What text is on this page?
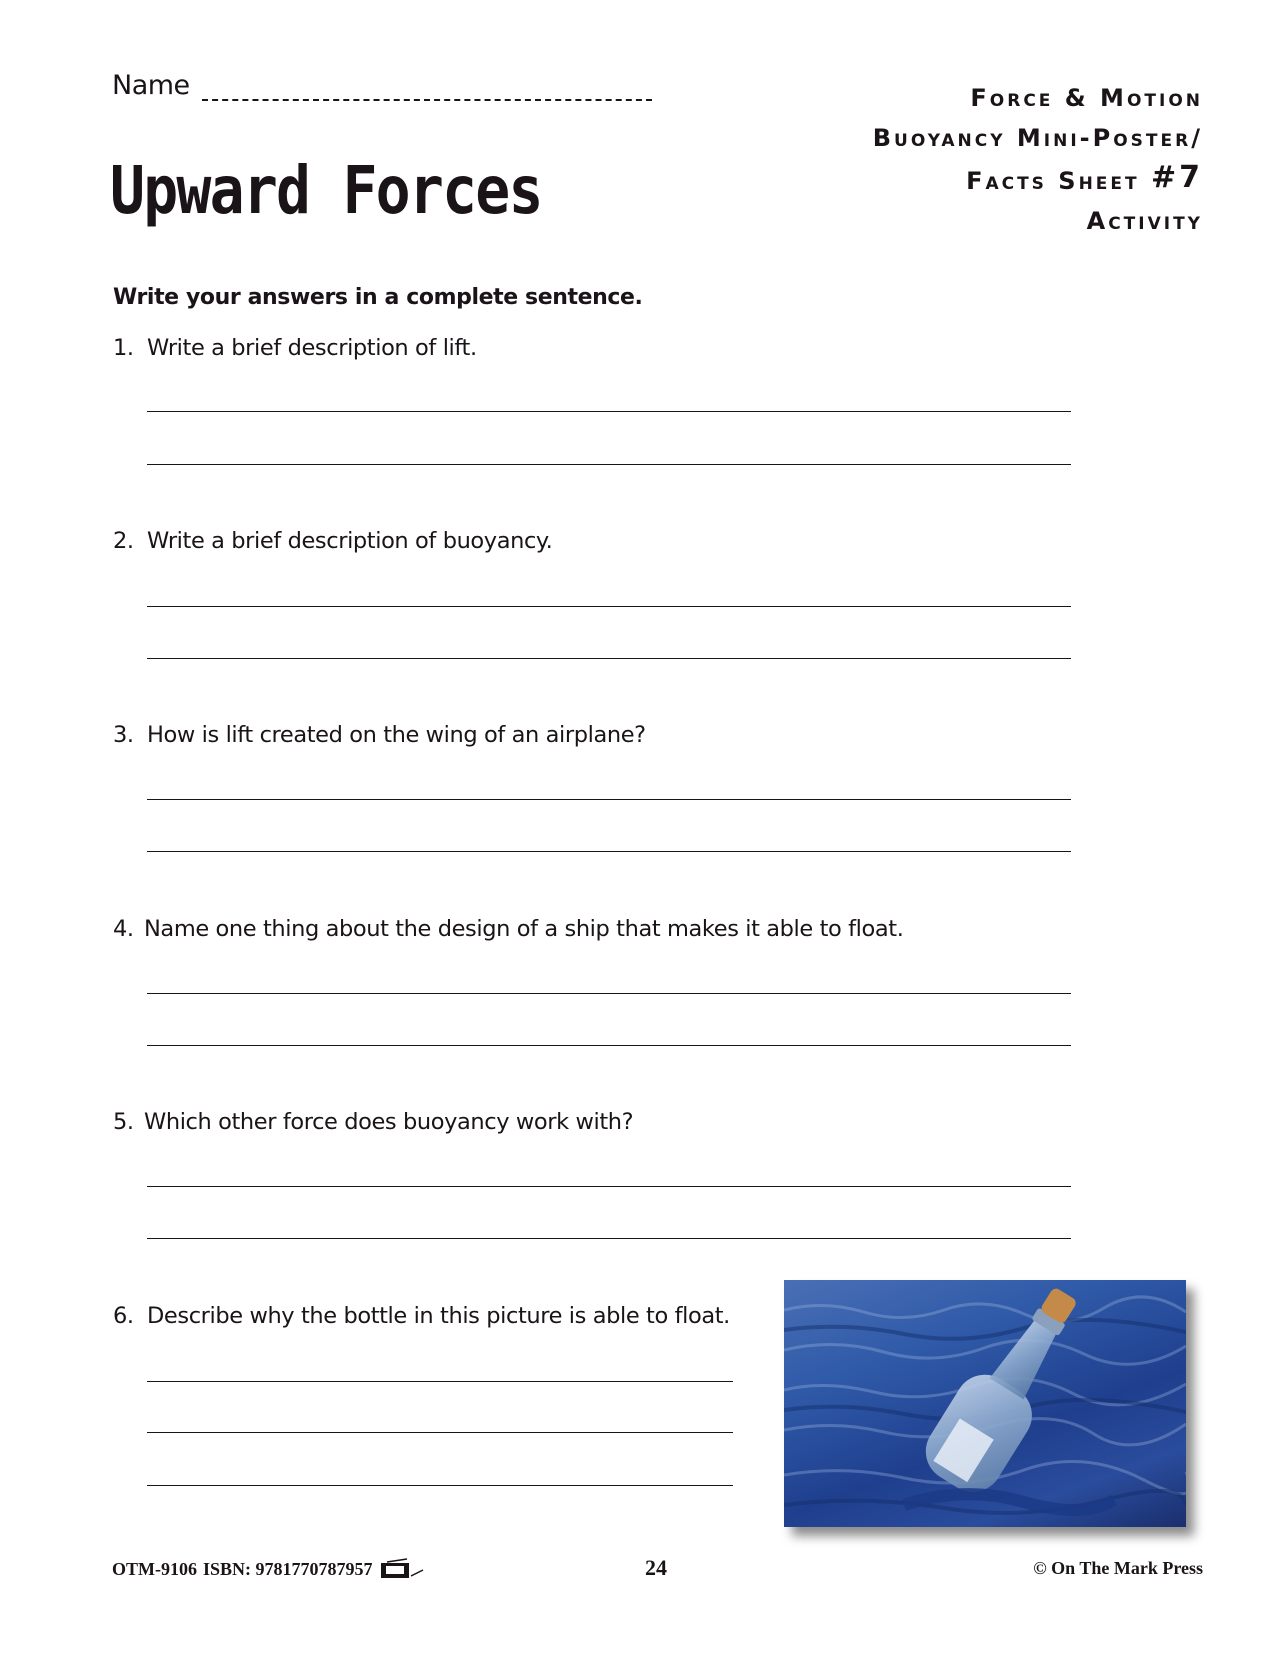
Name
Upward Forces
Force & Motion
Buoyancy Mini-Poster/
Facts Sheet #7
Activity
Write your answers in a complete sentence.
1. Write a brief description of lift.
2. Write a brief description of buoyancy.
3. How is lift created on the wing of an airplane?
4. Name one thing about the design of a ship that makes it able to float.
5. Which other force does buoyancy work with?
6. Describe why the bottle in this picture is able to float.
OTM-9106 ISBN: 9781770787957	24	© On The Mark Press
